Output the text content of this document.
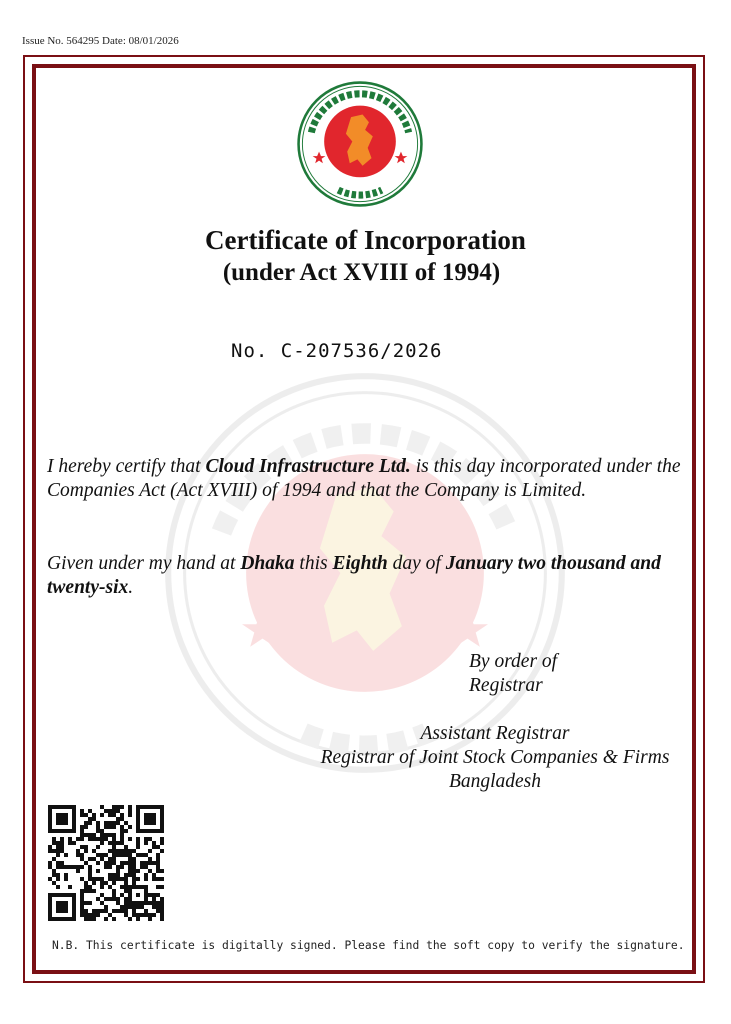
Issue No. 564295 Date: 08/01/2026
Certificate of Incorporation
(under Act XVIII of 1994)
No. C-207536/2026
I hereby certify that Cloud Infrastructure Ltd. is this day incorporated under the Companies Act (Act XVIII) of 1994 and that the Company is Limited.
Given under my hand at Dhaka this Eighth day of January two thousand and twenty-six.
By order of
Registrar
Assistant Registrar
Registrar of Joint Stock Companies & Firms
Bangladesh
N.B. This certificate is digitally signed. Please find the soft copy to verify the signature.
